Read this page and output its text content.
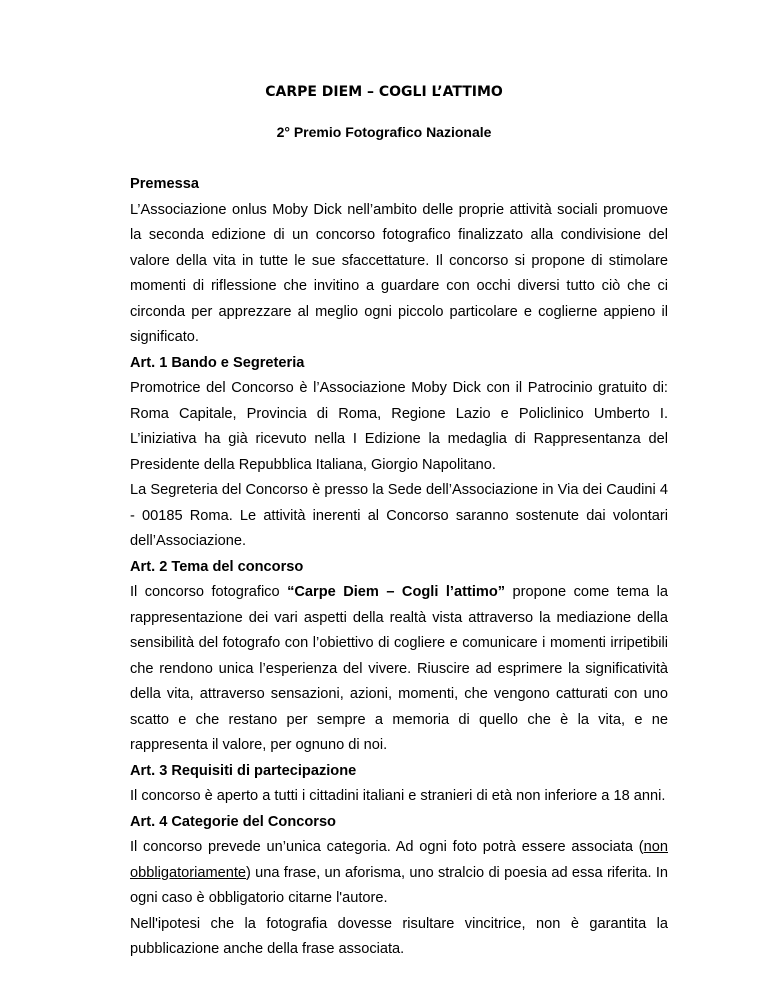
CARPE DIEM – COGLI L’ATTIMO
2° Premio Fotografico Nazionale
Premessa

L’Associazione onlus Moby Dick nell’ambito delle proprie attività sociali promuove la seconda edizione di un concorso fotografico finalizzato alla condivisione del valore della vita in tutte le sue sfaccettature. Il concorso si propone di stimolare momenti di riflessione che invitino a guardare con occhi diversi tutto ciò che ci circonda per apprezzare al meglio ogni piccolo particolare e coglierne appieno il significato.

Art. 1 Bando e Segreteria

Promotrice del Concorso è l’Associazione Moby Dick con il Patrocinio gratuito di: Roma Capitale, Provincia di Roma, Regione Lazio e Policlinico Umberto I. L’iniziativa ha già ricevuto nella I Edizione la medaglia di Rappresentanza del Presidente della Repubblica Italiana, Giorgio Napolitano.

La Segreteria del Concorso è presso la Sede dell’Associazione in Via dei Caudini 4 - 00185 Roma. Le attività inerenti al Concorso saranno sostenute dai volontari dell’Associazione.

Art. 2 Tema del concorso

Il concorso fotografico “Carpe Diem – Cogli l’attimo” propone come tema la rappresentazione dei vari aspetti della realtà vista attraverso la mediazione della sensibilità del fotografo con l’obiettivo di cogliere e comunicare i momenti irripetibili che rendono unica l’esperienza del vivere. Riuscire ad esprimere la significatività della vita, attraverso sensazioni, azioni, momenti, che vengono catturati con uno scatto e che restano per sempre a memoria di quello che è la vita, e ne rappresenta il valore, per ognuno di noi.

Art. 3 Requisiti di partecipazione

Il concorso è aperto a tutti i cittadini italiani e stranieri di età non inferiore a 18 anni.

Art. 4 Categorie del Concorso

Il concorso prevede un’unica categoria. Ad ogni foto potrà essere associata (non obbligatoriamente) una frase, un aforisma, uno stralcio di poesia ad essa riferita. In ogni caso è obbligatorio citarne l'autore.

Nell'ipotesi che la fotografia dovesse risultare vincitrice, non è garantita la pubblicazione anche della frase associata.
